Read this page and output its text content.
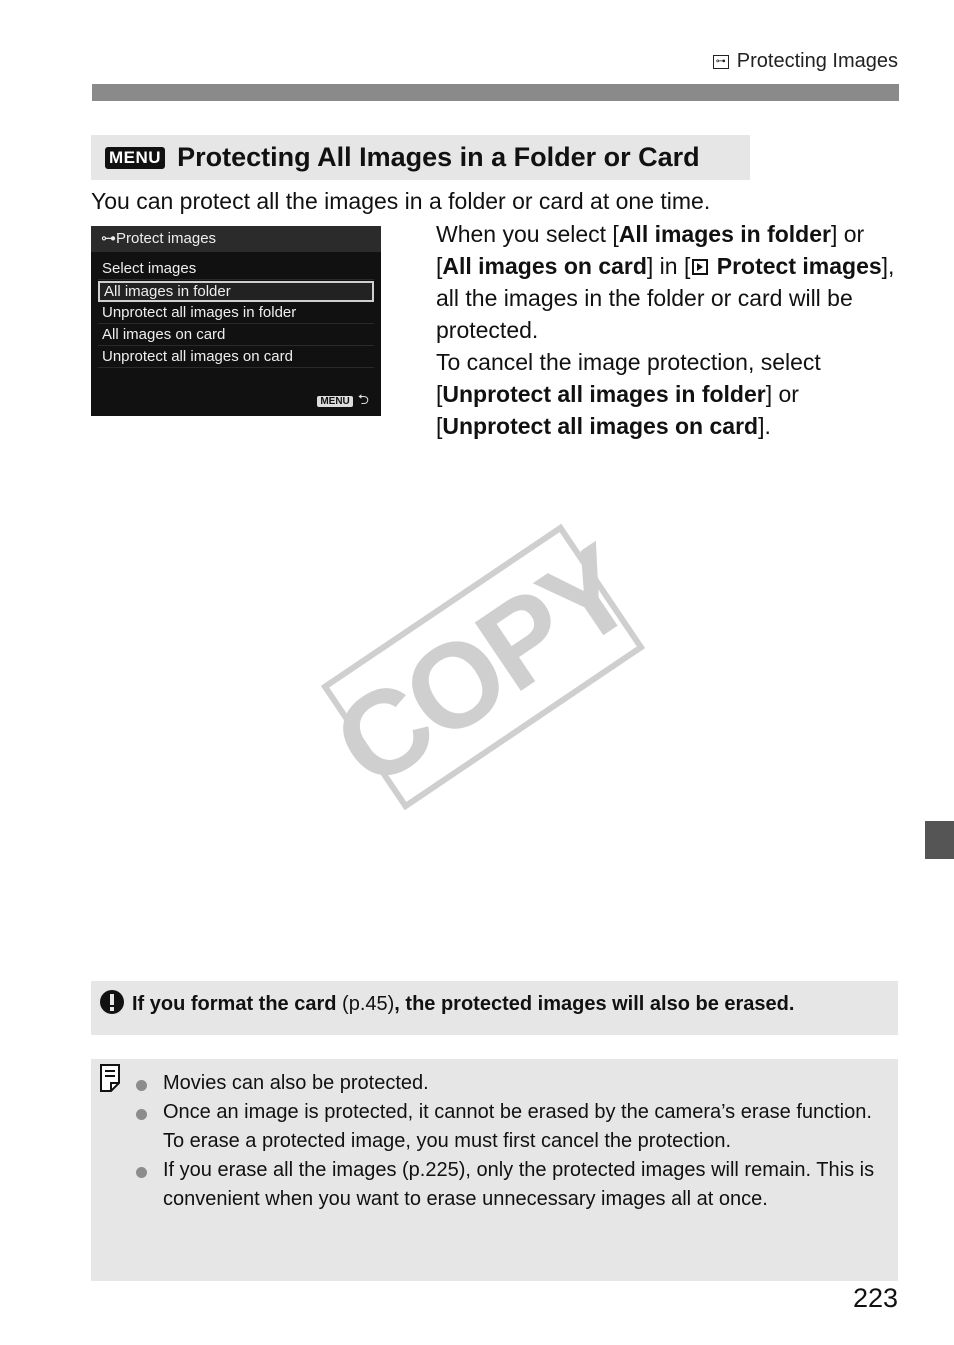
⊶ Protecting Images
MENU Protecting All Images in a Folder or Card
You can protect all the images in a folder or card at one time.
⊶Protect images
Select images
All images in folder
Unprotect all images in folder
All images on card
Unprotect all images on card
MENU ⮌
When you select [All images in folder] or [All images on card] in [ Protect images], all the images in the folder or card will be protected.
To cancel the image protection, select [Unprotect all images in folder] or [Unprotect all images on card].
COPY
If you format the card (p.45), the protected images will also be erased.
Movies can also be protected.
Once an image is protected, it cannot be erased by the camera’s erase function. To erase a protected image, you must first cancel the protection.
If you erase all the images (p.225), only the protected images will remain. This is convenient when you want to erase unnecessary images all at once.
223
